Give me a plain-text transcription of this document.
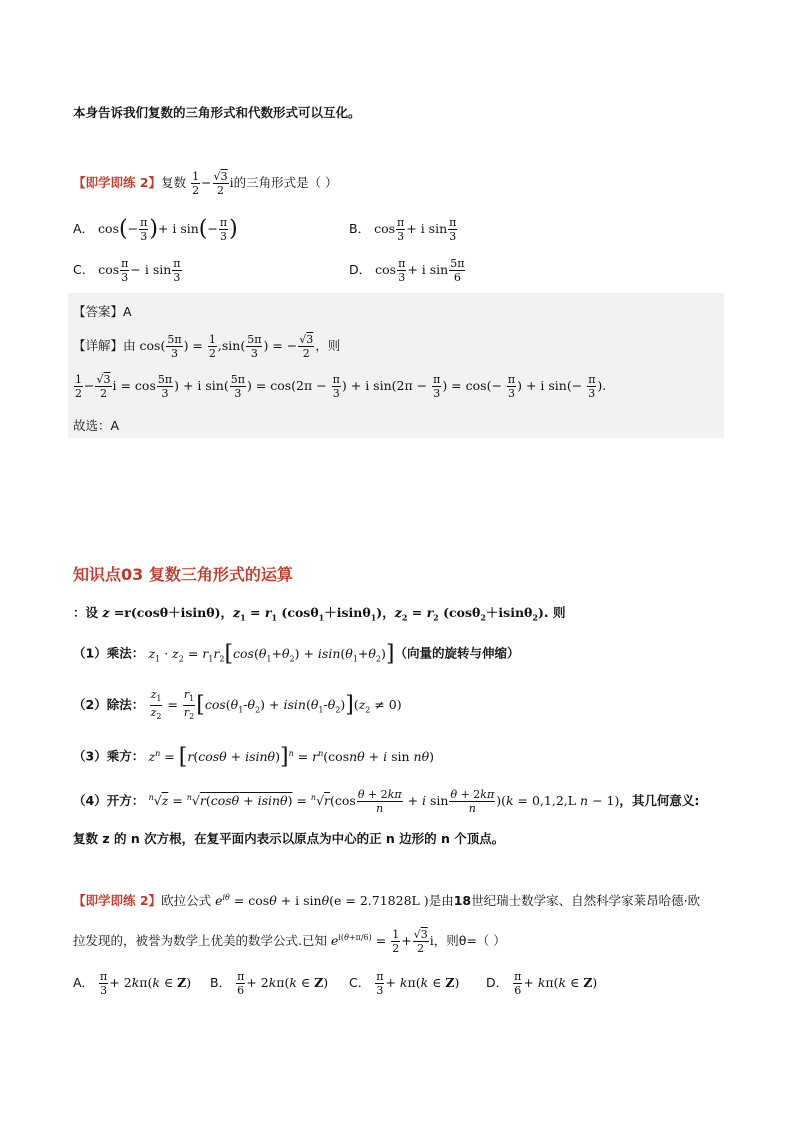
本身告诉我们复数的三角形式和代数形式可以互化。
【即学即练 2】复数 $\frac{1}{2} - \frac{√3}{2}$ i的三角形式是（ ）
A． $\cos(- \frac{\pi}{3}$ )+ i $\sin(- \frac{\pi}{3}$ )	B． $\cos \frac{\pi}{3} + i$ $\sin \frac{\pi}{3}$
C． $\cos \frac{\pi}{3} - i$ $\sin \frac{\pi}{3}$	D． $\cos \frac{\pi}{3} + i$ $\sin \frac{5\pi}{6}$
【答案】A
【详解】由 $\cos( \frac{5\pi}{3}$ ) = $\frac{1}{2} ,\sin( \frac{5\pi}{3}$ ) = − $\frac{√3}{2}$ ，则
$\frac{1}{2} - \frac{√3}{2}$ $i = \cos \frac{5\pi}{3}$ ) + i $\sin( \frac{5\pi}{3}$ ) = $\cos(2\pi - \frac{\pi}{3}$ ) + i $\sin(2\pi - \frac{\pi}{3}$ ) = $\cos(- \frac{\pi}{3}$ ) + i $\sin(- \frac{\pi}{3}$ ).
故选：A
知识点03 复数三角形式的运算
：设 z =r(cosθ＋isinθ)，$z_1 = r_1$ (cosθ$_1$＋isinθ$_1$)，$z_2 = r_2$ (cosθ$_2$＋isinθ$_2$). 则
（1）乘法： $z_1 \cdot z_2 = r_1r_2[\cos(\theta_1+\theta_2) + isin(\theta_1+\theta_2)]$（向量的旋转与伸缩）
（2）除法： $\frac{z_1}{z_2} = \frac{r_1}{r_2} [\cos(\theta_1-\theta_2) + isin(\theta_1-\theta_2)](z_2 \ne 0)$
（3）乘方： $z^n = [r(\cos\theta + isin\theta)]^n = r^n(\cos n\theta + i$ sin nθ)
（4）开方： $^n√z = ^n√r(\cos\theta + isin\theta) = ^n√r(\cos \frac{\theta + 2k\pi}{n} + i$ $\sin \frac{\theta + 2k\pi}{n} )(k = 0,1,2,L$ n − 1)，其几何意义:
复数 z 的 n 次方根，在复平面内表示以原点为中心的正 n 边形的 n 个顶点。
【即学即练 2】欧拉公式 $e^{i\theta} = \cos\theta + i$ sinθ(e = 2.71828L )是由18世纪瑞士数学家、自然科学家莱昂哈德·欧
拉发现的，被誉为数学上优美的数学公式.已知 $e^{i(\theta+\pi/6)} = \frac{1}{2} + \frac{√3}{2}$ i，则θ=（ ）
A． $\frac{\pi}{3} + 2k\pi(k$ ∈ Z) B． $\frac{\pi}{6} + 2k\pi(k$ ∈ Z) C． $\frac{\pi}{3} + k\pi(k$ ∈ Z) D． $\frac{\pi}{6} + k\pi(k$ ∈ Z)
